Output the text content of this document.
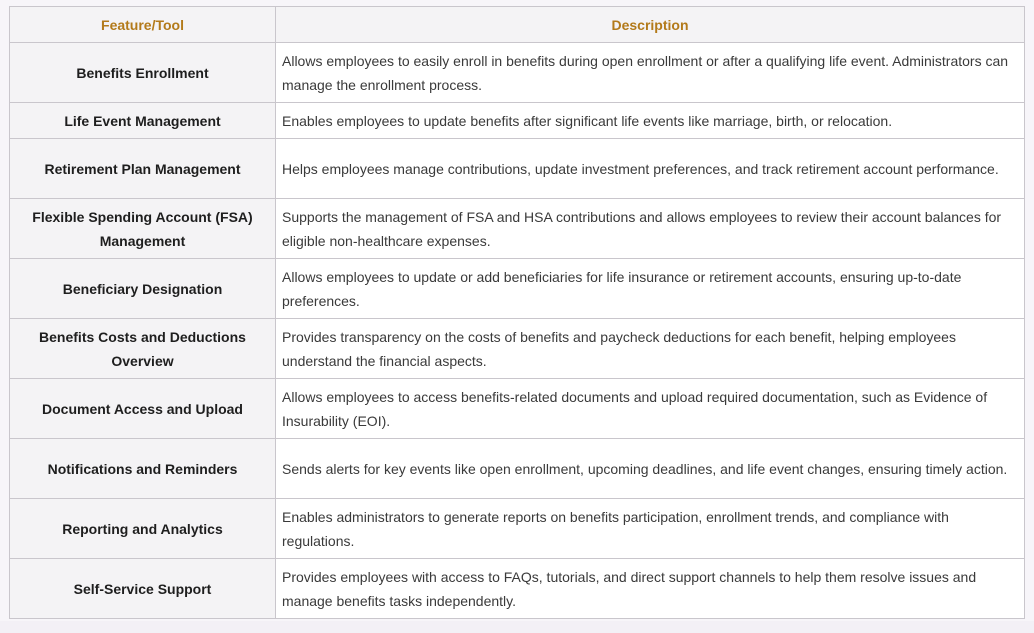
Feature/Tool	Description
Benefits Enrollment	Allows employees to easily enroll in benefits during open enrollment or after a qualifying life event. Administrators can manage the enrollment process.
Life Event Management	Enables employees to update benefits after significant life events like marriage, birth, or relocation.
Retirement Plan Management	Helps employees manage contributions, update investment preferences, and track retirement account performance.
Flexible Spending Account (FSA) Management	Supports the management of FSA and HSA contributions and allows employees to review their account balances for eligible non-healthcare expenses.
Beneficiary Designation	Allows employees to update or add beneficiaries for life insurance or retirement accounts, ensuring up-to-date preferences.
Benefits Costs and Deductions Overview	Provides transparency on the costs of benefits and paycheck deductions for each benefit, helping employees understand the financial aspects.
Document Access and Upload	Allows employees to access benefits-related documents and upload required documentation, such as Evidence of Insurability (EOI).
Notifications and Reminders	Sends alerts for key events like open enrollment, upcoming deadlines, and life event changes, ensuring timely action.
Reporting and Analytics	Enables administrators to generate reports on benefits participation, enrollment trends, and compliance with regulations.
Self-Service Support	Provides employees with access to FAQs, tutorials, and direct support channels to help them resolve issues and manage benefits tasks independently.
